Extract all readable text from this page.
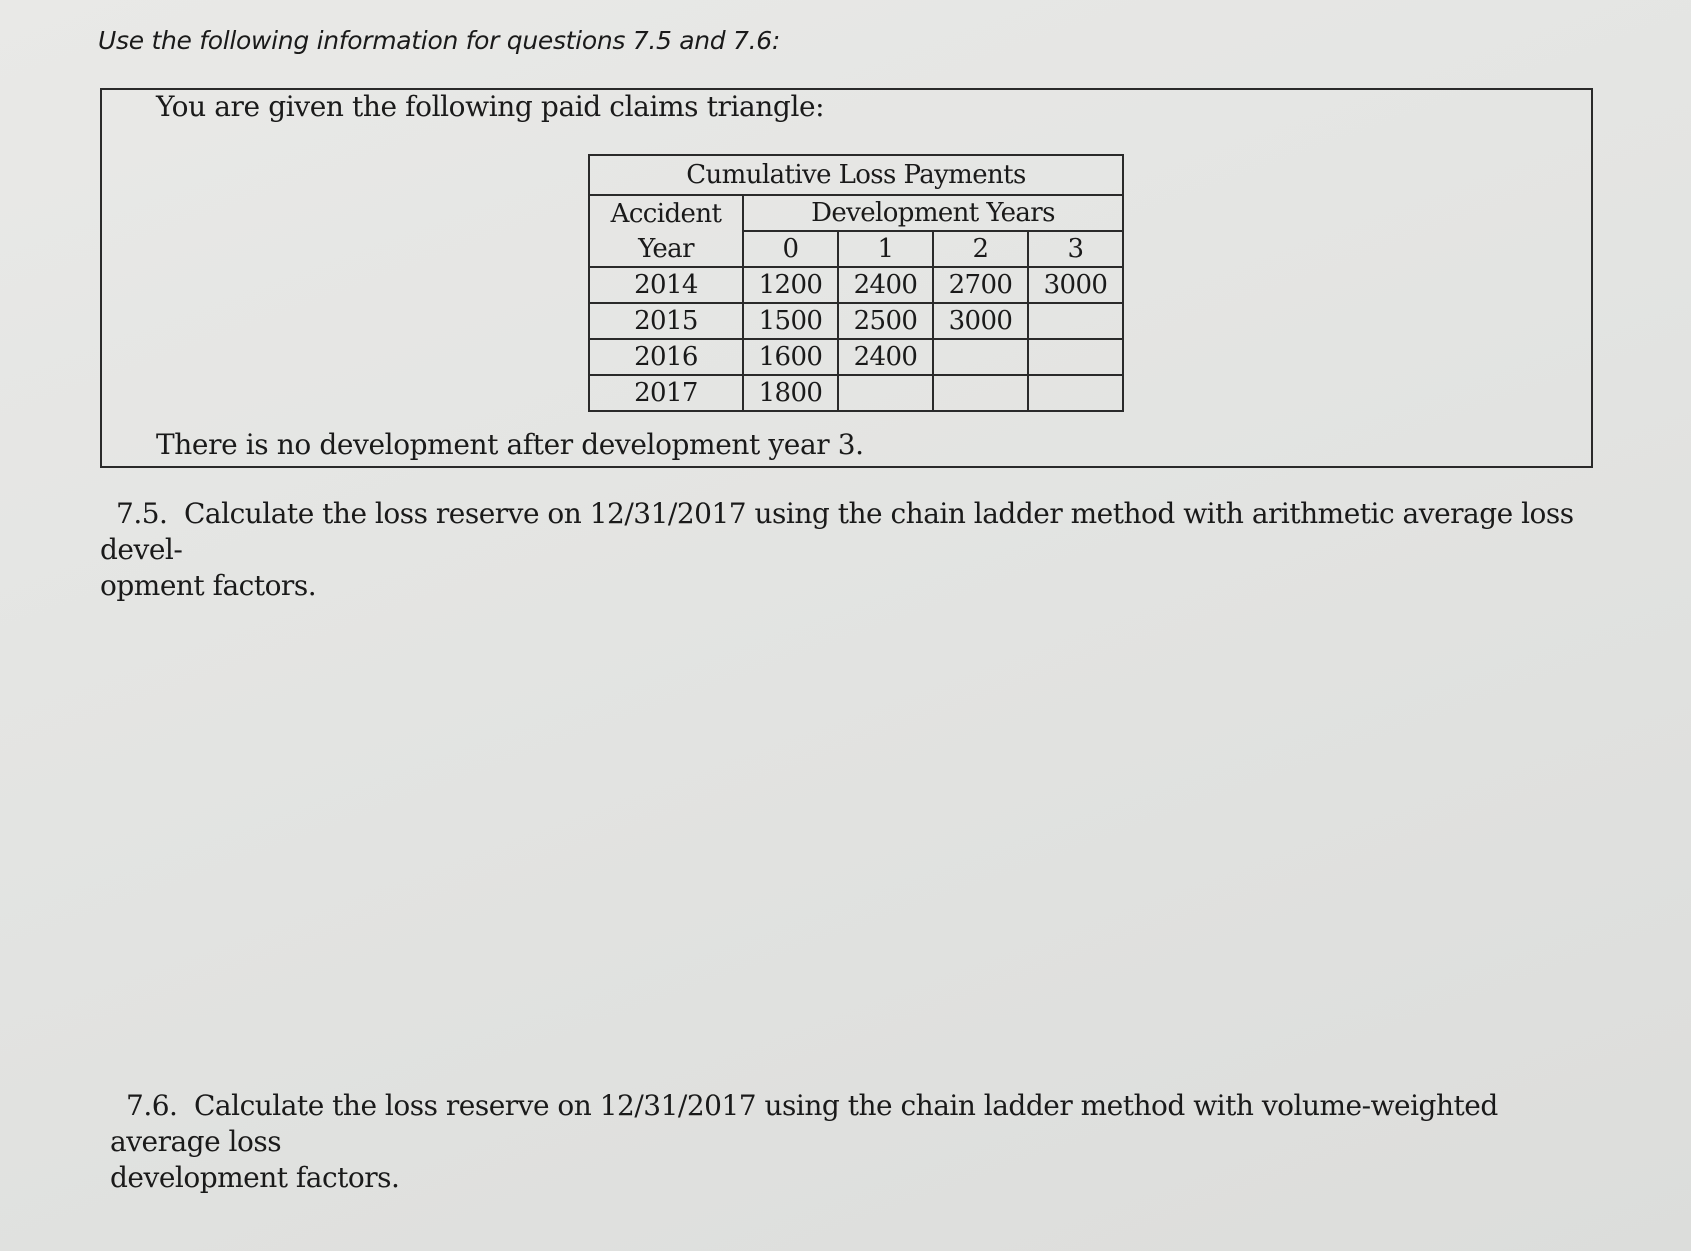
Use the following information for questions 7.5 and 7.6:
You are given the following paid claims triangle:
Cumulative Loss Payments				
Accident	Development Years			
Year	0	1	2	3
2014	1200	2400	2700	3000
2015	1500	2500	3000	
2016	1600	2400		
2017	1800			
There is no development after development year 3.
7.5. Calculate the loss reserve on 12/31/2017 using the chain ladder method with arithmetic average loss devel-
opment factors.
7.6. Calculate the loss reserve on 12/31/2017 using the chain ladder method with volume-weighted average loss
development factors.
